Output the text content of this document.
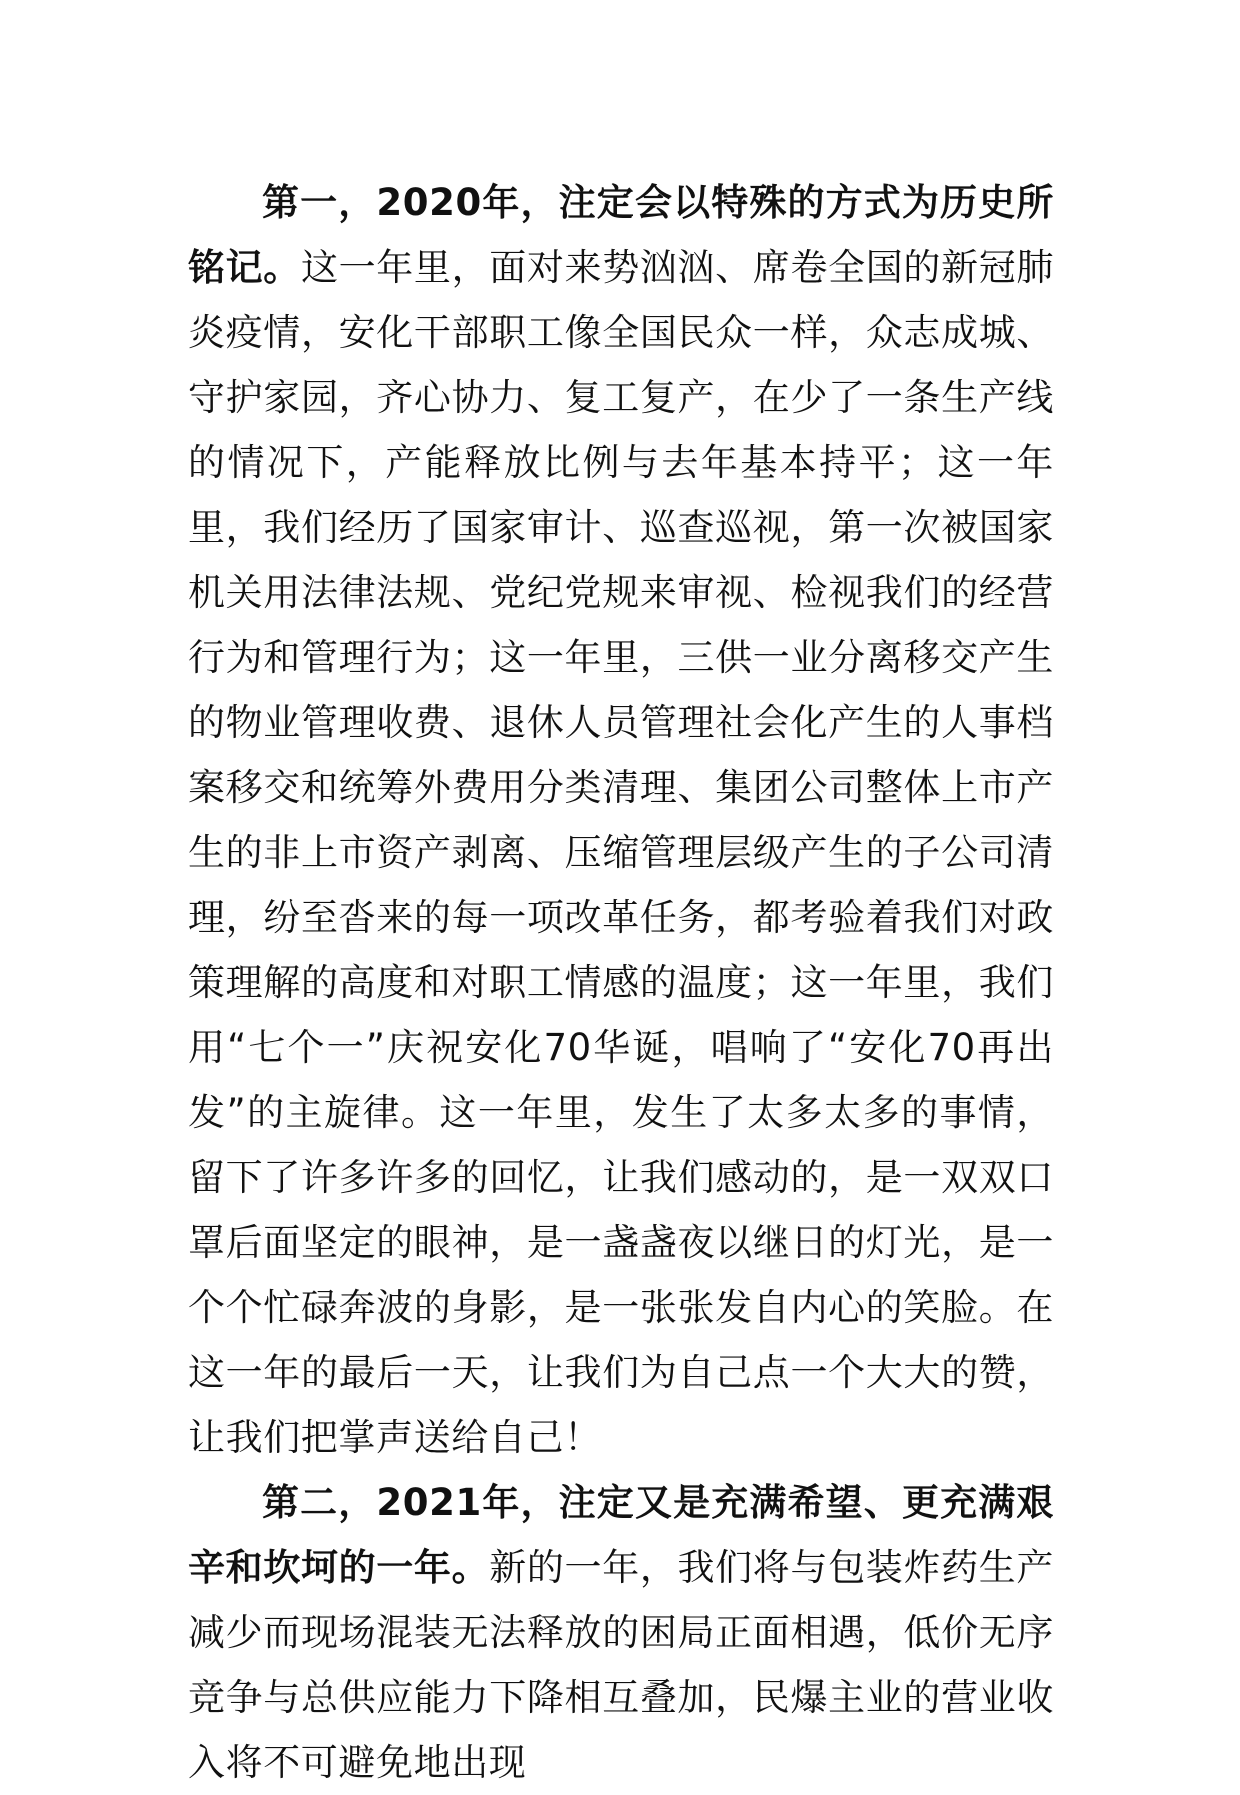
第一，2020年，注定会以特殊的方式为历史所铭记。这一年里，面对来势汹汹、席卷全国的新冠肺炎疫情，安化干部职工像全国民众一样，众志成城、守护家园，齐心协力、复工复产，在少了一条生产线的情况下，产能释放比例与去年基本持平；这一年里，我们经历了国家审计、巡查巡视，第一次被国家机关用法律法规、党纪党规来审视、检视我们的经营行为和管理行为；这一年里，三供一业分离移交产生的物业管理收费、退休人员管理社会化产生的人事档案移交和统筹外费用分类清理、集团公司整体上市产生的非上市资产剥离、压缩管理层级产生的子公司清理，纷至沓来的每一项改革任务，都考验着我们对政策理解的高度和对职工情感的温度；这一年里，我们用“七个一”庆祝安化70华诞，唱响了“安化70再出发”的主旋律。这一年里，发生了太多太多的事情，留下了许多许多的回忆，让我们感动的，是一双双口罩后面坚定的眼神，是一盏盏夜以继日的灯光，是一个个忙碌奔波的身影，是一张张发自内心的笑脸。在这一年的最后一天，让我们为自己点一个大大的赞，让我们把掌声送给自己！

第二，2021年，注定又是充满希望、更充满艰辛和坎坷的一年。新的一年，我们将与包装炸药生产减少而现场混装无法释放的困局正面相遇，低价无序竞争与总供应能力下降相互叠加，民爆主业的营业收入将不可避免地出现
